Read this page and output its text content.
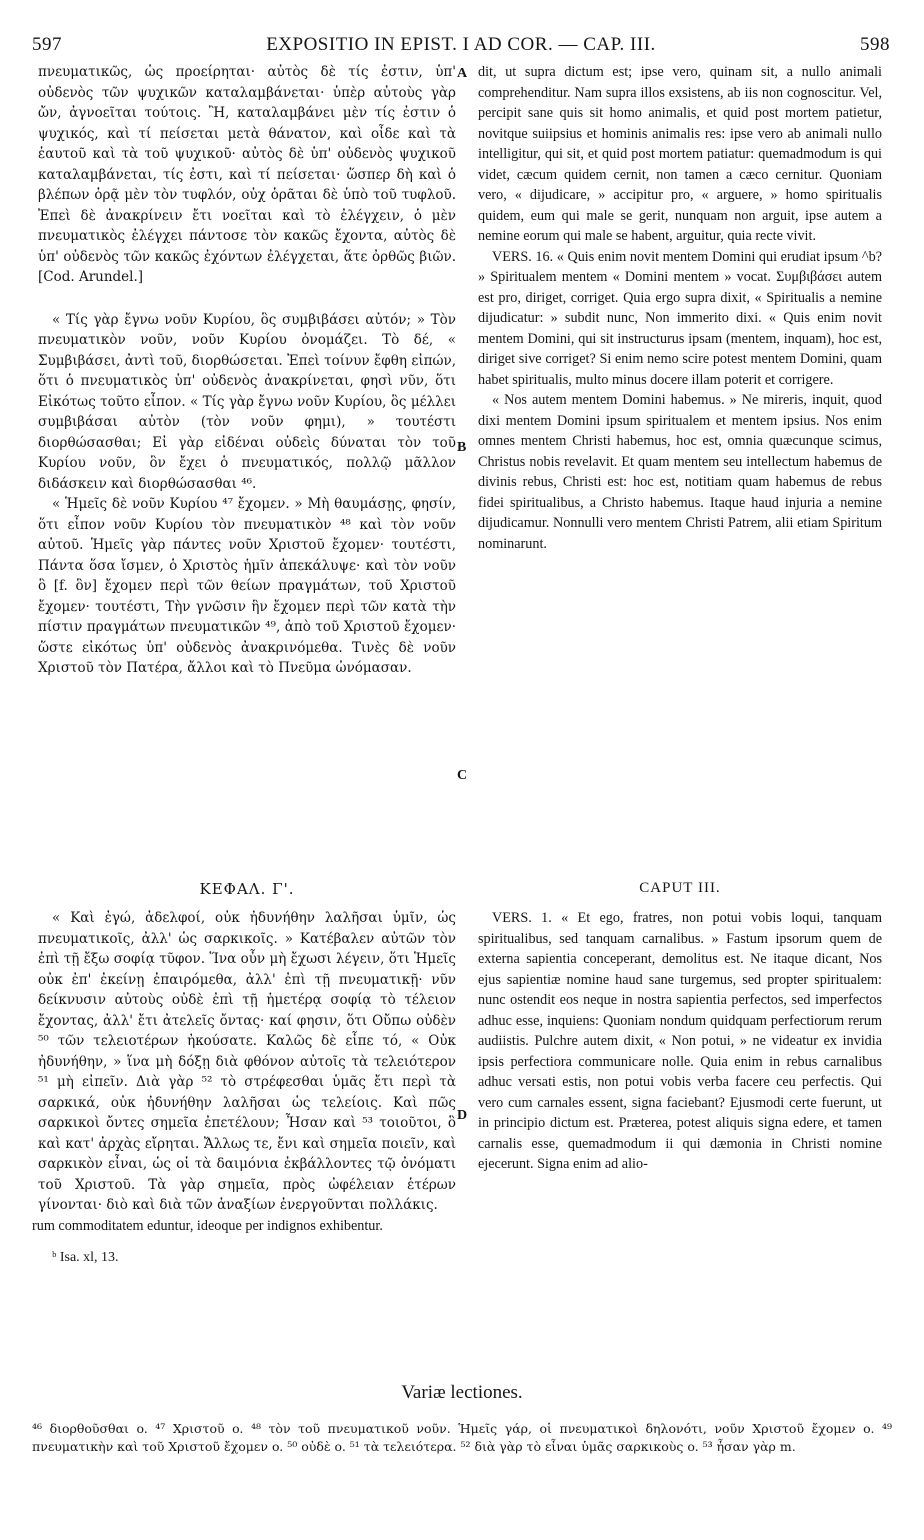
597	EXPOSITIO IN EPIST. I AD COR. — CAP. III.	598

πνευματικῶς, ὡς προείρηται· αὐτὸς δὲ τίς ἐστιν, ὑπ' οὐδενὸς τῶν ψυχικῶν καταλαμβάνεται· ὑπὲρ αὐτοὺς γὰρ ὤν, ἀγνοεῖται τούτοις. Ἢ, καταλαμβάνει μὲν τίς ἐστιν ὁ ψυχικός, καὶ τί πείσεται μετὰ θάνατον, καὶ οἶδε καὶ τὰ ἑαυτοῦ καὶ τὰ τοῦ ψυχικοῦ· αὐτὸς δὲ ὑπ' οὐδενὸς ψυχικοῦ καταλαμβάνεται, τίς ἐστι, καὶ τί πείσεται· ὥσπερ δὴ καὶ ὁ βλέπων ὁρᾷ μὲν τὸν τυφλόν, οὐχ ὁρᾶται δὲ ὑπὸ τοῦ τυφλοῦ. Ἐπεὶ δὲ ἀνακρίνειν ἔτι νοεῖται καὶ τὸ ἐλέγχειν, ὁ μὲν πνευματικὸς ἐλέγχει πάντοσε τὸν κακῶς ἔχοντα, αὐτὸς δὲ ὑπ' οὐδενὸς τῶν κακῶς ἐχόντων ἐλέγχεται, ἅτε ὀρθῶς βιῶν. [Cod. Arundel.]

« Τίς γὰρ ἔγνω νοῦν Κυρίου, ὃς συμβιβάσει αὐτόν; » Τὸν πνευματικὸν νοῦν, νοῦν Κυρίου ὀνομάζει. Τὸ δέ, « Συμβιβάσει, ἀντὶ τοῦ, διορθώσεται. Ἐπεὶ τοίνυν ἔφθη εἰπών, ὅτι ὁ πνευματικὸς ὑπ' οὐδενὸς ἀνακρίνεται, φησὶ νῦν, ὅτι Εἰκότως τοῦτο εἶπον. « Τίς γὰρ ἔγνω νοῦν Κυρίου, ὃς μέλλει συμβιβάσαι αὐτὸν (τὸν νοῦν φημι), » τουτέστι διορθώσασθαι; Εἰ γὰρ εἰδέναι οὐδεὶς δύναται τὸν τοῦ Κυρίου νοῦν, ὃν ἔχει ὁ πνευματικός, πολλῷ μᾶλλον διδάσκειν καὶ διορθώσασθαι ⁴⁶.

« Ἡμεῖς δὲ νοῦν Κυρίου ⁴⁷ ἔχομεν. » Μὴ θαυμάσῃς, φησίν, ὅτι εἶπον νοῦν Κυρίου τὸν πνευματικὸν ⁴⁸ καὶ τὸν νοῦν αὐτοῦ. Ἡμεῖς γὰρ πάντες νοῦν Χριστοῦ ἔχομεν· τουτέστι, Πάντα ὅσα ἴσμεν, ὁ Χριστὸς ἡμῖν ἀπεκάλυψε· καὶ τὸν νοῦν ὃ [f. ὃν] ἔχομεν περὶ τῶν θείων πραγμάτων, τοῦ Χριστοῦ ἔχομεν· τουτέστι, Τὴν γνῶσιν ἣν ἔχομεν περὶ τῶν κατὰ τὴν πίστιν πραγμάτων πνευματικῶν ⁴⁹, ἀπὸ τοῦ Χριστοῦ ἔχομεν· ὥστε εἰκότως ὑπ' οὐδενὸς ἀνακρινόμεθα. Τινὲς δὲ νοῦν Χριστοῦ τὸν Πατέρα, ἄλλοι καὶ τὸ Πνεῦμα ὠνόμασαν.

dit, ut supra dictum est; ipse vero, quinam sit, a nullo animali comprehenditur. Nam supra illos exsistens, ab iis non cognoscitur. Vel, percipit sane quis sit homo animalis, et quid post mortem patietur, novitque suiipsius et hominis animalis res: ipse vero ab animali nullo intelligitur, qui sit, et quid post mortem patiatur: quemadmodum is qui videt, cæcum quidem cernit, non tamen a cæco cernitur. Quoniam vero, « dijudicare, » accipitur pro, « arguere, » homo spiritualis quidem, eum qui male se gerit, nunquam non arguit, ipse autem a nemine eorum qui male se habent, arguitur, quia recte vivit.

VERS. 16. « Quis enim novit mentem Domini qui erudiat ipsum ^b? » Spiritualem mentem « Domini mentem » vocat. Συμβιβάσει autem est pro, diriget, corriget. Quia ergo supra dixit, « Spiritualis a nemine dijudicatur: » subdit nunc, Non immerito dixi. « Quis enim novit mentem Domini, qui sit instructurus ipsam (mentem, inquam), hoc est, diriget sive corriget? Si enim nemo scire potest mentem Domini, quam habet spiritualis, multo minus docere illam poterit et corrigere.

« Nos autem mentem Domini habemus. » Ne mireris, inquit, quod dixi mentem Domini ipsum spiritualem et mentem ipsius. Nos enim omnes mentem Christi habemus, hoc est, omnia quæcunque scimus, Christus nobis revelavit. Et quam mentem seu intellectum habemus de divinis rebus, Christi est: hoc est, notitiam quam habemus de rebus fidei spiritualibus, a Christo habemus. Itaque haud injuria a nemine dijudicamur. Nonnulli vero mentem Christi Patrem, alii etiam Spiritum nominarunt.

A
B
C
D
ΚΕΦΑΛ. Γ'.	CAPUT III.

« Καὶ ἐγώ, ἀδελφοί, οὐκ ἠδυνήθην λαλῆσαι ὑμῖν, ὡς πνευματικοῖς, ἀλλ' ὡς σαρκικοῖς. » Κατέβαλεν αὐτῶν τὸν ἐπὶ τῇ ἔξω σοφίᾳ τῦφον. Ἵνα οὖν μὴ ἔχωσι λέγειν, ὅτι Ἡμεῖς οὐκ ἐπ' ἐκείνῃ ἐπαιρόμεθα, ἀλλ' ἐπὶ τῇ πνευματικῇ· νῦν δείκνυσιν αὐτοὺς οὐδὲ ἐπὶ τῇ ἡμετέρᾳ σοφίᾳ τὸ τέλειον ἔχοντας, ἀλλ' ἔτι ἀτελεῖς ὄντας· καί φησιν, ὅτι Οὔπω οὐδὲν ⁵⁰ τῶν τελειοτέρων ἠκούσατε. Καλῶς δὲ εἶπε τό, « Οὐκ ἠδυνήθην, » ἵνα μὴ δόξῃ διὰ φθόνον αὐτοῖς τὰ τελειότερον ⁵¹ μὴ εἰπεῖν. Διὰ γὰρ ⁵² τὸ στρέφεσθαι ὑμᾶς ἔτι περὶ τὰ σαρκικά, οὐκ ἠδυνήθην λαλῆσαι ὡς τελείοις. Καὶ πῶς σαρκικοὶ ὄντες σημεῖα ἐπετέλουν; Ἦσαν καὶ ⁵³ τοιοῦτοι, ὃ καὶ κατ' ἀρχὰς εἴρηται. Ἄλλως τε, ἔνι καὶ σημεῖα ποιεῖν, καὶ σαρκικὸν εἶναι, ὡς οἱ τὰ δαιμόνια ἐκβάλλοντες τῷ ὀνόματι τοῦ Χριστοῦ. Τὰ γὰρ σημεῖα, πρὸς ὠφέλειαν ἑτέρων γίνονται· διὸ καὶ διὰ τῶν ἀναξίων ἐνεργοῦνται πολλάκις.

VERS. 1. « Et ego, fratres, non potui vobis loqui, tanquam spiritualibus, sed tanquam carnalibus. » Fastum ipsorum quem de externa sapientia conceperant, demolitus est. Ne itaque dicant, Nos ejus sapientiæ nomine haud sane turgemus, sed propter spiritualem: nunc ostendit eos neque in nostra sapientia perfectos, sed imperfectos adhuc esse, inquiens: Quoniam nondum quidquam perfectiorum rerum audiistis. Pulchre autem dixit, « Non potui, » ne videatur ex invidia ipsis perfectiora communicare nolle. Quia enim in rebus carnalibus adhuc versati estis, non potui vobis verba facere ceu perfectis. Qui vero cum carnales essent, signa faciebant? Ejusmodi certe fuerunt, ut in principio dictum est. Præterea, potest aliquis signa edere, et tamen carnalis esse, quemadmodum ii qui dæmonia in Christi nomine ejecerunt. Signa enim ad alio-

rum commoditatem eduntur, ideoque per indignos exhibentur.
ᵇ Isa. xl, 13.
Variæ lectiones.

⁴⁶ διορθοῦσθαι o. ⁴⁷ Χριστοῦ o. ⁴⁸ τὸν τοῦ πνευματικοῦ νοῦν. Ἡμεῖς γάρ, οἱ πνευματικοὶ δηλονότι, νοῦν Χριστοῦ ἔχομεν o. ⁴⁹ πνευματικὴν καὶ τοῦ Χριστοῦ ἔχομεν o. ⁵⁰ οὐδὲ o. ⁵¹ τὰ τελειότερα. ⁵² διὰ γὰρ τὸ εἶναι ὑμᾶς σαρκικοὺς o. ⁵³ ἦσαν γὰρ m.
